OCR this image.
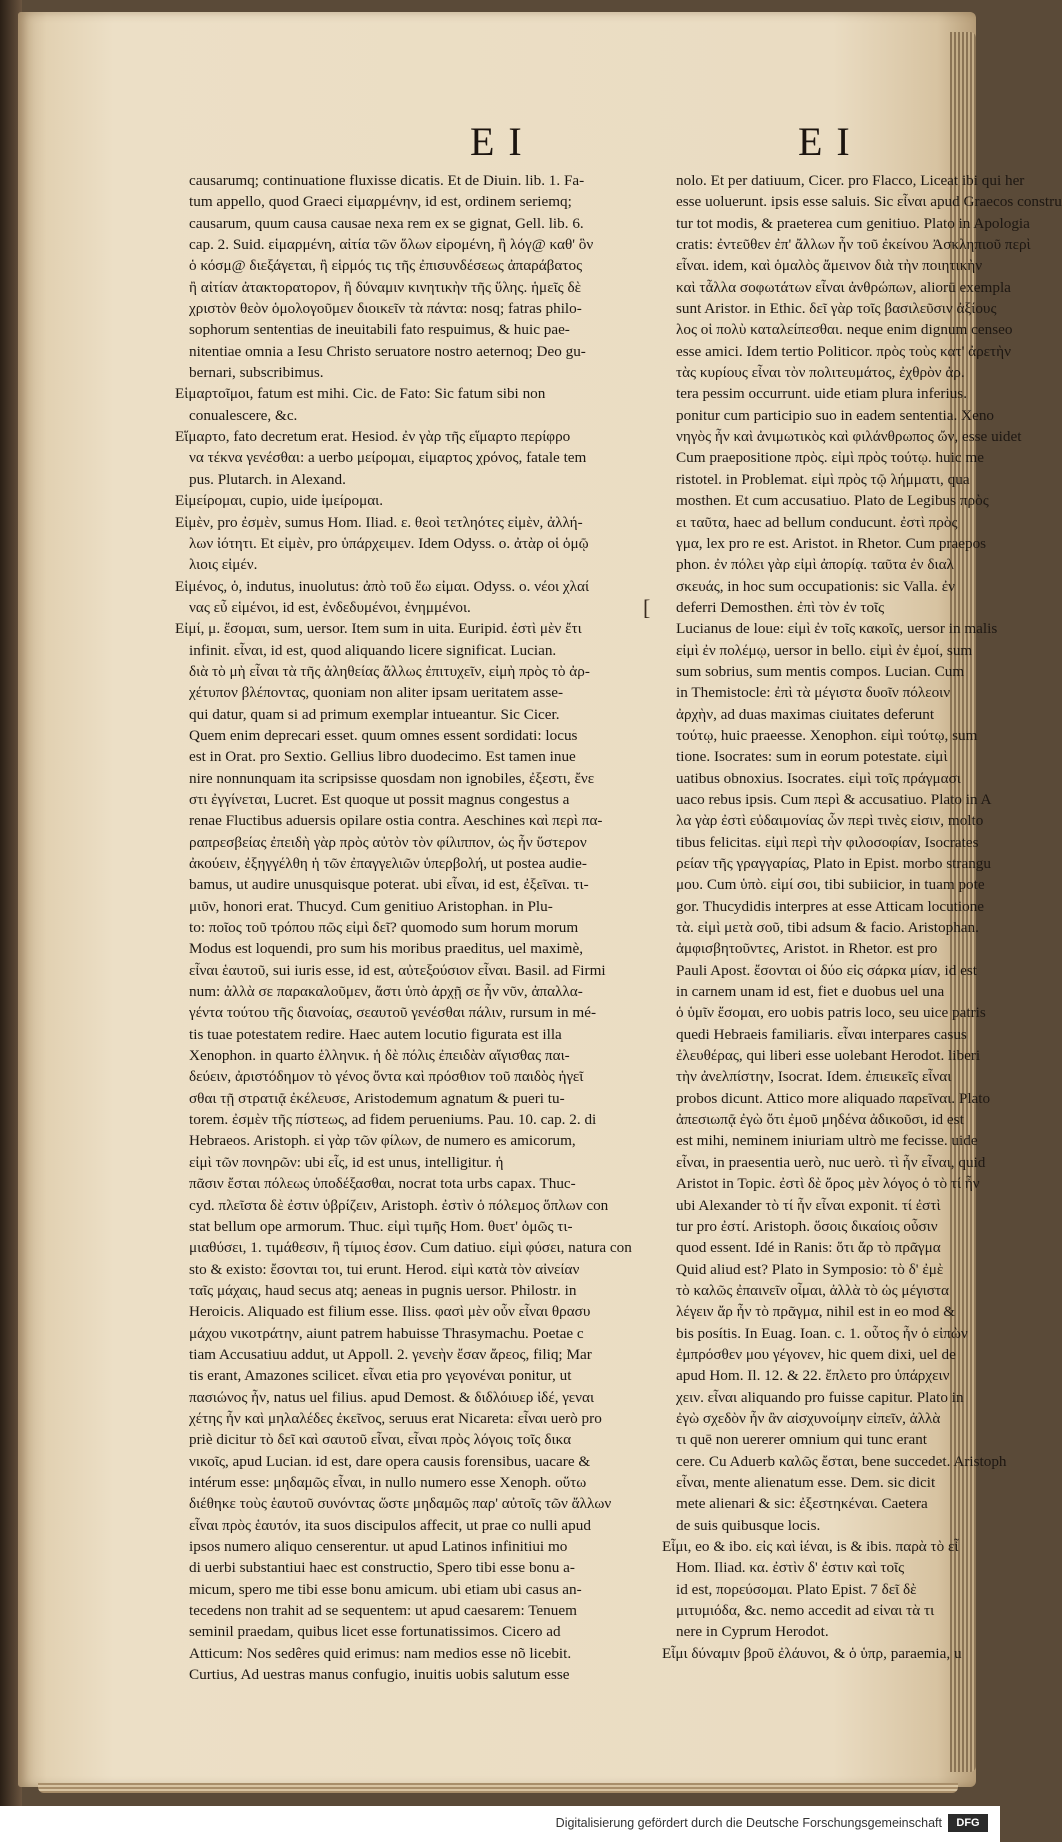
EI	EI
causarumq; continuatione fluxisse dicatis. Et de Diuin. lib. 1. Fa-
tum appello, quod Graeci εἱμαρμένην, id est, ordinem seriemq;
causarum, quum causa causae nexa rem ex se gignat, Gell. lib. 6.
cap. 2. Suid. εἱμαρμένη, αἰτία τῶν ὅλων εἰρομένη, ἢ λόγ@ καθ' ὃν
ὁ κόσμ@ διεξάγεται, ἢ εἱρμός τις τῆς ἐπισυνδέσεως ἀπαράβατος
ἢ αἰτίαν ἀτακτορατορον, ἢ δύναμιν κινητικὴν τῆς ὕλης. ἡμεῖς δὲ
χριστὸν θεὸν ὁμολογοῦμεν διοικεῖν τὰ πάντα: nosq; fatras philo-
sophorum sententias de ineuitabili fato respuimus, & huic pae-
nitentiae omnia a Iesu Christo seruatore nostro aeternoq; Deo gu-
bernari, subscribimus.
Εἱμαρτοῖμοι, fatum est mihi. Cic. de Fato: Sic fatum sibi non
conualescere, &c.
Εἵμαρτο, fato decretum erat. Hesiod. ἐν γὰρ τῆς εἵμαρτο περίφρο
να τέκνα γενέσθαι: a uerbo μείρομαι, εἱμαρτος χρόνος, fatale tem
pus. Plutarch. in Alexand.
Εἱμείρομαι, cupio, uide ἱμείρομαι.
Εἱμὲν, pro ἐσμὲν, sumus Hom. Iliad. ε. θεοὶ τετληότες εἰμὲν, ἀλλή-
λων ἰότητι. Et εἰμὲν, pro ὑπάρχειμεν. Idem Odyss. ο. ἀτὰρ οἱ ὁμῷ
λιοις εἰμέν.
Εἱμένος, ὁ, indutus, inuolutus: ἀπὸ τοῦ ἕω εἰμαι. Odyss. ο. νέοι χλαί
νας εὖ εἱμένοι, id est, ἐνδεδυμένοι, ἐνημμένοι.
Εἰμί, μ. ἔσομαι, sum, uersor. Item sum in uita. Euripid. ἐστὶ μὲν ἔτι
infinit. εἶναι, id est, quod aliquando licere significat. Lucian.
διὰ τὸ μὴ εἶναι τὰ τῆς ἀληθείας ἄλλως ἐπιτυχεῖν, εἰμὴ πρὸς τὸ ἀρ-
χέτυπον βλέποντας, quoniam non aliter ipsam ueritatem asse-
qui datur, quam si ad primum exemplar intueantur. Sic Cicer.
Quem enim deprecari esset. quum omnes essent sordidati: locus
est in Orat. pro Sextio. Gellius libro duodecimo. Est tamen inue
nire nonnunquam ita scripsisse quosdam non ignobiles, ἐξεστι, ἔνε
στι ἐγγίνεται, Lucret. Est quoque ut possit magnus congestus a
renae Fluctibus aduersis opilare ostia contra. Aeschines καὶ περὶ πα-
ραπρεσβείας ἐπειδὴ γὰρ πρὸς αὐτὸν τὸν φίλιππον, ὡς ἦν ὕστερον
ἀκούειν, ἐξηγγέλθη ἡ τῶν ἐπαγγελιῶν ὑπερβολή, ut postea audie-
bamus, ut audire unusquisque poterat. ubi εἶναι, id est, ἐξεῖναι. τι-
μιῦν, honori erat. Thucyd. Cum genitiuo Aristophan. in Plu-
to: ποῖος τοῦ τρόπου πῶς εἰμὶ δεῖ? quomodo sum horum morum
Modus est loquendi, pro sum his moribus praeditus, uel maximè,
εἶναι ἑαυτοῦ, sui iuris esse, id est, αὐτεξούσιον εἶναι. Basil. ad Firmi
num: ἀλλὰ σε παρακαλοῦμεν, ἄστι ὑπὸ ἀρχῇ σε ἦν νῦν, ἀπαλλα-
γέντα τούτου τῆς διανοίας, σεαυτοῦ γενέσθαι πάλιν, rursum in mé-
tis tuae potestatem redire. Haec autem locutio figurata est illa
Xenophon. in quarto ἑλληνικ. ἡ δὲ πόλις ἐπειδὰν αἴγισθας παι-
δεύειν, ἀριστόδημον τὸ γένος ὄντα καὶ πρόσθιον τοῦ παιδὸς ἡγεῖ
σθαι τῇ στρατιᾷ ἐκέλευσε, Aristodemum agnatum & pueri tu-
torem. ἐσμὲν τῆς πίστεως, ad fidem perueniums. Pau. 10. cap. 2. di
Hebraeos. Aristoph. εἰ γὰρ τῶν φίλων, de numero es amicorum,
εἰμὶ τῶν πονηρῶν: ubi εἷς, id est unus, intelligitur. ἡ
πᾶσιν ἔσται πόλεως ὑποδέξασθαι, nocrat tota urbs capax. Thuc-
cyd. πλεῖστα δὲ ἐστιν ὑβρίζειν, Aristoph. ἐστὶν ὁ πόλεμος ὅπλων con
stat bellum ope armorum. Thuc. εἰμὶ τιμῆς Hom. θυετ' ὁμῶς τι-
μιαθύσει, 1. τιμάθεσιν, ἢ τίμιος ἐσον. Cum datiuo. εἰμὶ φύσει, natura con
sto & existo: ἔσονται τοι, tui erunt. Herod. εἰμὶ κατὰ τὸν αἰνείαν
ταῖς μάχαις, haud secus atq; aeneas in pugnis uersor. Philostr. in
Heroicis. Aliquado est filium esse. Iliss. φασὶ μὲν οὖν εἶναι θρασυ
μάχου νικοτράτην, aiunt patrem habuisse Thrasymachu. Poetae c
tiam Accusatiuu addut, ut Appoll. 2. γενεὴν ἔσαν ἄρεος, filiq; Mar
tis erant, Amazones scilicet. εἶναι etia pro γεγονέναι ponitur, ut
πασιώνος ἦν, natus uel filius. apud Demost. & διδλόιυερ ἰδέ, γεναι
χέτης ἦν καὶ μηλαλέδες ἐκεῖνος, seruus erat Nicareta: εἶναι uerò pro
priè dicitur τὸ δεῖ καὶ σαυτοῦ εἶναι, εἶναι πρὸς λόγοις τοῖς δικα
νικοῖς, apud Lucian. id est, dare opera causis forensibus, uacare &
intérum esse: μηδαμῶς εἶναι, in nullo numero esse Xenoph. οὕτω
διέθηκε τοὺς ἑαυτοῦ συνόντας ὥστε μηδαμῶς παρ' αὐτοῖς τῶν ἄλλων
εἶναι πρὸς ἑαυτόν, ita suos discipulos affecit, ut prae co nulli apud
ipsos numero aliquo censerentur. ut apud Latinos infinitiui mo
di uerbi substantiui haec est constructio, Spero tibi esse bonu a-
micum, spero me tibi esse bonu amicum. ubi etiam ubi casus an-
tecedens non trahit ad se sequentem: ut apud caesarem: Tenuem
seminil praedam, quibus licet esse fortunatissimos. Cicero ad
Atticum: Nos sedêres quid erimus: nam medios esse nõ licebit.
Curtius, Ad uestras manus confugio, inuitis uobis salutum esse
nolo. Et per datiuum, Cicer. pro Flacco, Liceat ibi qui her
esse uoluerunt. ipsis esse saluis. Sic εἶναι apud Graecos constru
tur tot modis, & praeterea cum genitiuo. Plato in Apologia
cratis: ἐντεῦθεν ἐπ' ἄλλων ἦν τοῦ ἐκείνου Ἀσκληπιοῦ περὶ
εἶναι. idem, καὶ ὁμαλὸς ἄμεινον διὰ τὴν ποιητικὴν
καὶ τἆλλα σοφωτάτων εἶναι ἀνθρώπων, aliorū exempla
sunt Aristor. in Ethic. δεῖ γὰρ τοῖς βασιλεῦσιν ἀξίους
λος οἱ πολὺ καταλείπεσθαι. neque enim dignum censeo
esse amici. Idem tertio Politicor. πρὸς τοὺς κατ' ἀρετὴν
τὰς κυρίους εἶναι τὸν πολιτευμάτος, ἐχθρὸν ἀρ.
tera pessim occurrunt. uide etiam plura inferius.
ponitur cum participio suo in eadem sententia. Xeno
νηγὸς ἦν καὶ ἀνιμωτικὸς καὶ φιλάνθρωπος ὤν, esse uidet
Cum praepositione πρὸς. εἰμὶ πρὸς τούτῳ. huic me
ristotel. in Problemat. εἰμὶ πρὸς τῷ λήμματι, qua
mosthen. Et cum accusatiuo. Plato de Legibus πρὸς
ει ταῦτα, haec ad bellum conducunt. ἐστὶ πρὸς
γμα, lex pro re est. Aristot. in Rhetor. Cum praepos
phon. ἐν πόλει γὰρ εἰμὶ ἀπορίᾳ. ταῦτα ἐν διαλ
σκευάς, in hoc sum occupationis: sic Valla. ἐν
deferri Demosthen. ἐπὶ τὸν ἐν τοῖς
Lucianus de loue: εἰμὶ ἐν τοῖς κακοῖς, uersor in malis
εἰμὶ ἐν πολέμῳ, uersor in bello. εἰμὶ ἐν ἐμοί, sum
sum sobrius, sum mentis compos. Lucian. Cum
in Themistocle: ἐπὶ τὰ μέγιστα δυοῖν πόλεοιν
ἀρχὴν, ad duas maximas ciuitates deferunt
τούτῳ, huic praeesse. Xenophon. εἰμὶ τούτῳ, sum
tione. Isocrates: sum in eorum potestate. εἰμὶ
uatibus obnoxius. Isocrates. εἰμὶ τοῖς πράγμασι
uaco rebus ipsis. Cum περὶ & accusatiuo. Plato in A
λα γὰρ ἐστὶ εὐδαιμονίας ὧν περὶ τινὲς εἰσιν, molto
tibus felicitas. εἰμὶ περὶ τὴν φιλοσοφίαν, Isocrates
ρείαν τῆς γραγγαρίας, Plato in Epist. morbo strangu
μου. Cum ὑπὸ. εἰμί σοι, tibi subiicior, in tuam pote
gor. Thucydidis interpres at esse Atticam locutione
τὰ. εἰμὶ μετὰ σοῦ, tibi adsum & facio. Aristophan.
ἀμφισβητοῦντες, Aristot. in Rhetor. est pro
Pauli Apost. ἔσονται οἱ δύο εἰς σάρκα μίαν, id est
in carnem unam id est, fiet e duobus uel una
ὁ ὑμῖν ἔσομαι, ero uobis patris loco, seu uice patris
quedi Hebraeis familiaris. εἶναι interpares casus
ἐλευθέρας, qui liberi esse uolebant Herodot. liberi
τὴν ἀνελπίστην, Isocrat. Idem. ἐπιεικεῖς εἶναι
probos dicunt. Attico more aliquado παρεῖναι. Plato
ἀπεσιωπᾷ ἐγὼ ὅτι ἐμοῦ μηδένα ἀδικοῦσι, id est
est mihi, neminem iniuriam ultrò me fecisse. uide
εἶναι, in praesentia uerò, nuc uerò. τὶ ἦν εἶναι, quid
Aristot in Topic. ἐστὶ δὲ ὅρος μὲν λόγος ὁ τὸ τί ἦν
ubi Alexander τὸ τί ἦν εἶναι exponit. τί ἐστὶ
tur pro ἐστί. Aristoph. ὅσοις δικαίοις οὖσιν
quod essent. Idé in Ranis: ὅτι ἄρ τὸ πρᾶγμα
Quid aliud est? Plato in Symposio: τὸ δ' ἐμὲ
τὸ καλῶς ἐπαινεῖν οἶμαι, ἀλλὰ τὸ ὡς μέγιστα
λέγειν ἄρ ἦν τὸ πρᾶγμα, nihil est in eo mod &
bis posítis. In Euag. Ioan. c. 1. οὗτος ἦν ὁ εἰπὼν
ἐμπρόσθεν μου γέγονεν, hic quem dixi, uel de
apud Hom. Il. 12. & 22. ἔπλετο pro ὑπάρχειν
χειν. εἶναι aliquando pro fuisse capitur. Plato in
ἐγὼ σχεδὸν ἦν ἂν αἰσχυνοίμην εἰπεῖν, ἀλλὰ
τι quē non uererer omnium qui tunc erant
cere. Cu Aduerb καλῶς ἔσται, bene succedet. Aristoph
εἶναι, mente alienatum esse. Dem. sic dicit
mete alienari & sic: ἐξεστηκέναι. Caetera
de suis quibusque locis.
Εἷμι, eo & ibo. εἰς καὶ ἰέναι, is & ibis. παρὰ τὸ εἶ
Hom. Iliad. κα. ἐστὶν δ' ἐστιν καὶ τοῖς
id est, πορεύσομαι. Plato Epist. 7 δεῖ δὲ
μιτυμιόδα, &c. nemo accedit ad εἰναι τὰ τι
nere in Cyprum Herodot.
Εἷμι δύναμιν βροῦ ἐλάυνοι, & ὁ ὑπρ, paraemia, u
[
Digitalisierung gefördert durch die Deutsche Forschungsgemeinschaft	DFG
